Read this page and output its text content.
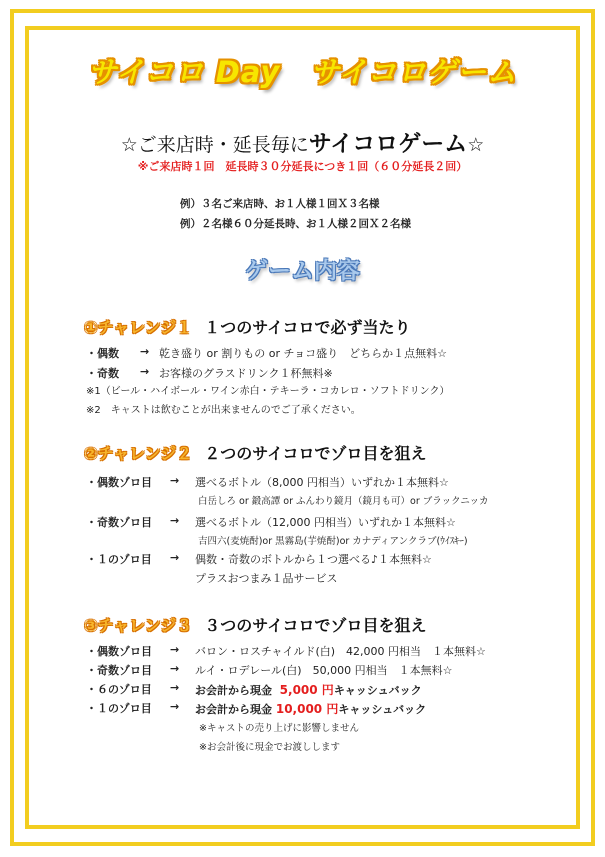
サイコロ Day　サイコロゲーム
☆ご来店時・延長毎にサイコロゲーム☆
※ご来店時１回　延長時３０分延長につき１回（６０分延長２回）
例）３名ご来店時、お１人様１回Ｘ３名様
例）２名様６０分延長時、お１人様２回Ｘ２名様
ゲーム内容
①チャレンジ１ １つのサイコロで必ず当たり
・偶数 → 乾き盛り or 割りもの or チョコ盛り　どちらか１点無料☆
・奇数 → お客様のグラスドリンク１杯無料※
※1（ビール・ハイボール・ワイン赤白・テキーラ・コカレロ・ソフトドリンク）
※2　キャストは飲むことが出来ませんのでご了承ください。
②チャレンジ２ ２つのサイコロでゾロ目を狙え
・偶数ゾロ目 → 選べるボトル（8,000 円相当）いずれか１本無料☆
白岳しろ or 鍛高譚 or ふんわり鏡月（鏡月も可）or ブラックニッカ
・奇数ゾロ目 → 選べるボトル（12,000 円相当）いずれか１本無料☆
吉四六(麦焼酎)or 黒霧島(芋焼酎)or カナディアンクラブ(ｳｲｽｷｰ)
・１のゾロ目 → 偶数・奇数のボトルから１つ選べる♪１本無料☆
プラスおつまみ１品サービス
③チャレンジ３ ３つのサイコロでゾロ目を狙え
・偶数ゾロ目 → バロン・ロスチャイルド(白)　42,000 円相当　１本無料☆
・奇数ゾロ目 → ルイ・ロデレール(白)　50,000 円相当　１本無料☆
・６のゾロ目 → お会計から現金 5,000 円キャッシュバック
・１のゾロ目 → お会計から現金 10,000 円キャッシュバック
※キャストの売り上げに影響しません
※お会計後に現金でお渡しします
